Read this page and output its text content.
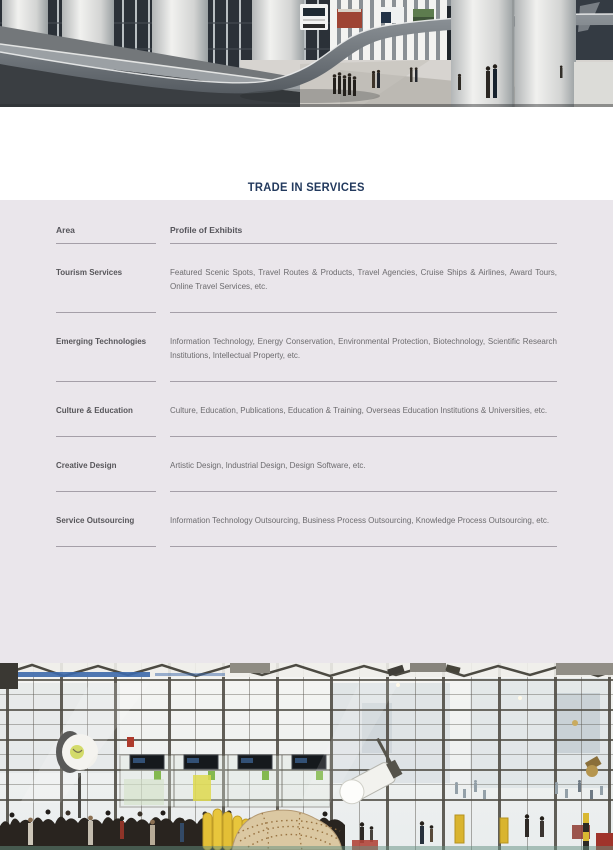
TRADE IN SERVICES
Area	Profile of Exhibits
Tourism Services	Featured Scenic Spots, Travel Routes & Products, Travel Agencies, Cruise Ships & Airlines, Award Tours, Online Travel Services, etc.
Emerging Technologies	Information Technology, Energy Conservation, Environmental Protection, Biotechnology, Scientific Research Institutions, Intellectual Property, etc.
Culture & Education	Culture, Education, Publications, Education & Training, Overseas Education Institutions & Universities, etc.
Creative Design	Artistic Design, Industrial Design, Design Software, etc.
Service Outsourcing	Information Technology Outsourcing, Business Process Outsourcing, Knowledge Process Outsourcing, etc.
